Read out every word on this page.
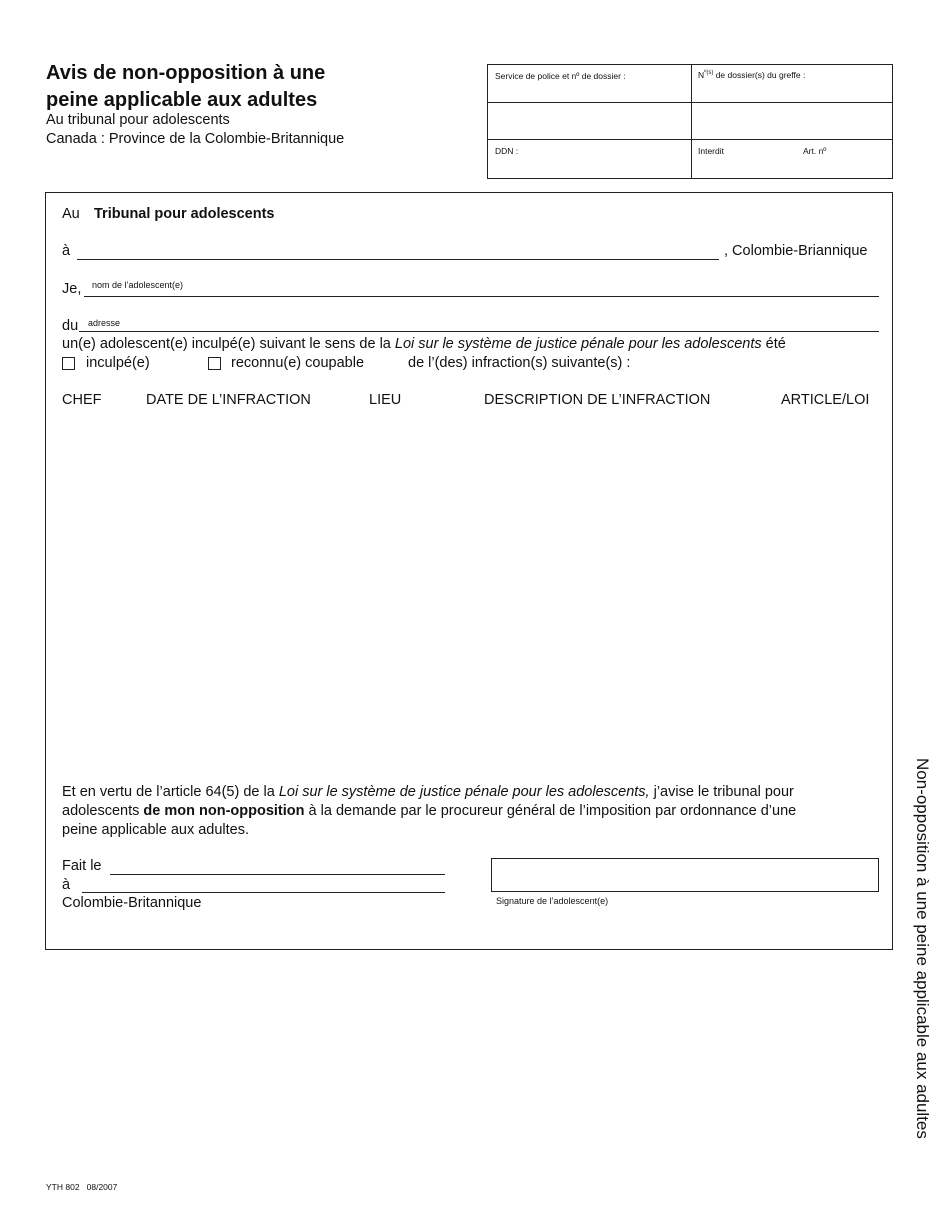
Avis de non-opposition à une
peine applicable aux adultes
Au tribunal pour adolescents
Canada : Province de la Colombie-Britannique
Service de police et nº de dossier :	$N^{º(s)}$ de dossier(s) du greffe :
DDN :	Interdit	Art. nº
Au Tribunal pour adolescents
à	, Colombie-Briannique
Je, nom de l’adolescent(e)
du adresse
un(e) adolescent(e) inculpé(e) suivant le sens de la Loi sur le système de justice pénale pour les adolescents été
inculpé(e)	reconnu(e) coupable	de l’(des) infraction(s) suivante(s) :
CHEF	DATE DE L’INFRACTION	LIEU	DESCRIPTION DE L’INFRACTION	ARTICLE/LOI
Et en vertu de l’article 64(5) de la Loi sur le système de justice pénale pour les adolescents, j’avise le tribunal pour
adolescents de mon non-opposition à la demande par le procureur général de l’imposition par ordonnance d’une
peine applicable aux adultes.
Fait le
à
Colombie-Britannique	Signature de l’adolescent(e)	Non-opposition à une peine applicable aux adultes
YTH 802   08/2007
